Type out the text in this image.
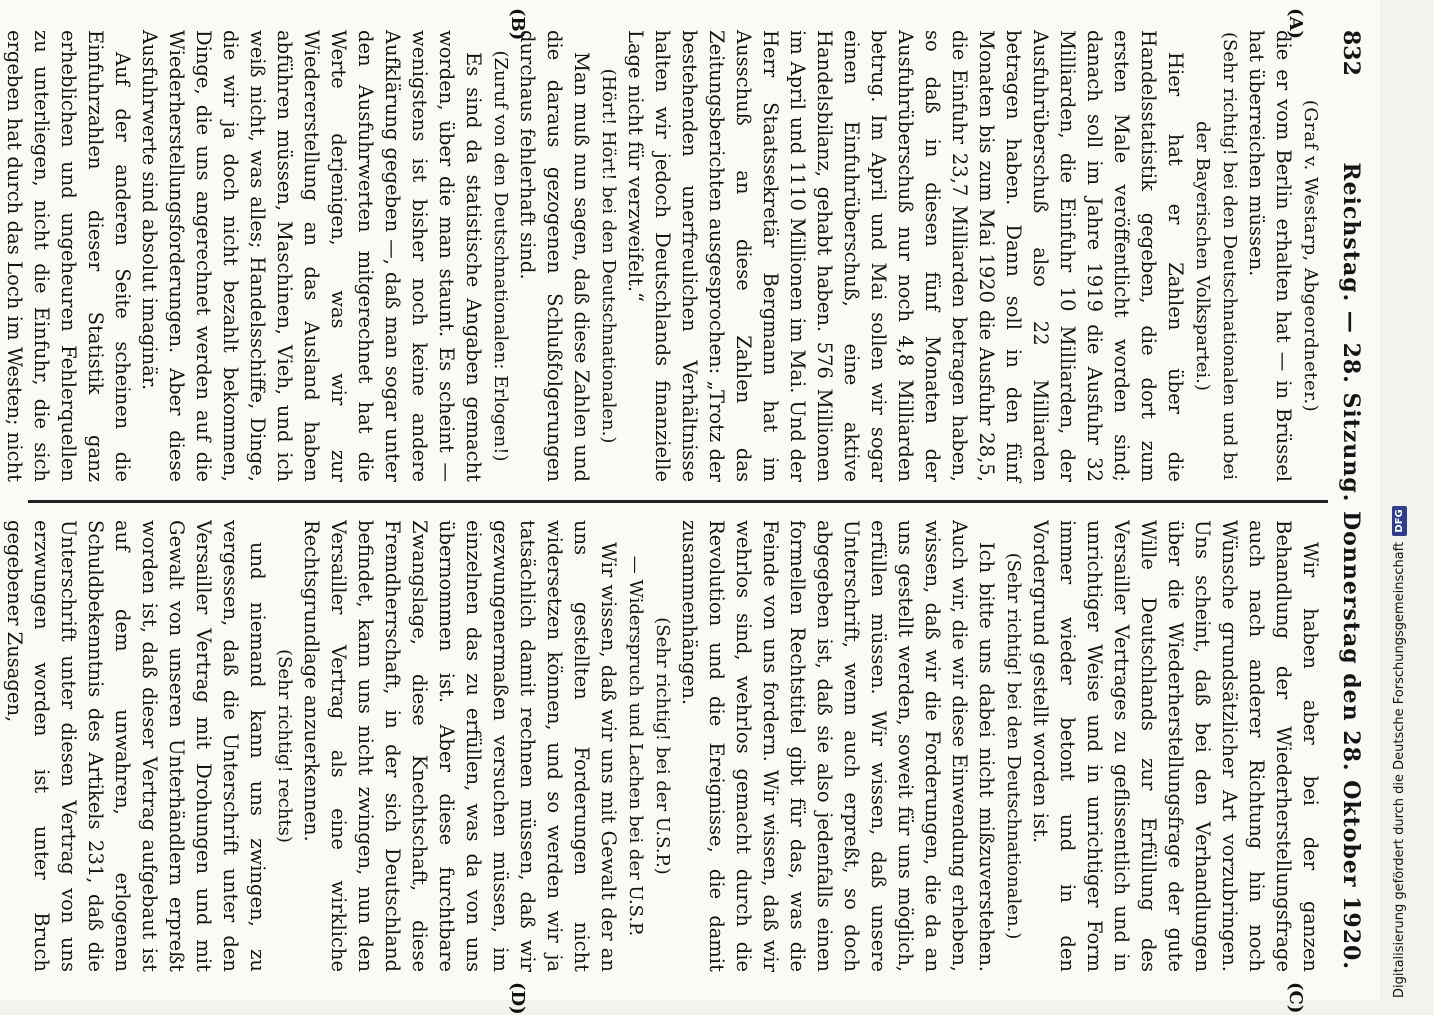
832
Reichstag. — 28. Sitzung. Donnerstag den 28. Oktober 1920.
(A)
(B)
(C)
(D)

(Graf v. Westarp, Abgeordneter.)

die er vom Berlin erhalten hat — in Brüssel hat überreichen müssen.

(Sehr richtig! bei den Deutschnationalen und bei der Bayerischen Volkspartei.)

Hier hat er Zahlen über die Handelsstatistik gegeben, die dort zum ersten Male veröffentlicht worden sind; danach soll im Jahre 1919 die Ausfuhr 32 Milliarden, die Einfuhr 10 Milliarden, der Ausfuhrüberschuß also 22 Milliarden betragen haben. Dann soll in den fünf Monaten bis zum Mai 1920 die Ausfuhr 28,5, die Einfuhr 23,7 Milliarden betragen haben, so daß in diesen fünf Monaten der Ausfuhrüberschuß nur noch 4,8 Milliarden betrug. Im April und Mai sollen wir sogar einen Einfuhrüberschuß, eine aktive Handelsbilanz, gehabt haben. 576 Millionen im April und 1110 Millionen im Mai. Und der Herr Staatssekretär Bergmann hat im Ausschuß an diese Zahlen das Zeitungsberichten ausgesprochen: „Trotz der bestehenden unerfreulichen Verhältnisse halten wir jedoch Deutschlands finanzielle Lage nicht für verzweifelt.“

(Hört! Hört! bei den Deutschnationalen.)

Man muß nun sagen, daß diese Zahlen und die daraus gezogenen Schlußfolgerungen durchaus fehlerhaft sind.

(Zuruf von den Deutschnationalen: Erlogen!)

Es sind da statistische Angaben gemacht worden, über die man staunt. Es scheint — wenigstens ist bisher noch keine andere Aufklärung gegeben —, daß man sogar unter den Ausfuhrwerten mitgerechnet hat die Werte derjenigen, was wir zur Wiedererstellung an das Ausland haben abführen müssen, Maschinen, Vieh, und ich weiß nicht, was alles; Handelsschiffe, Dinge, die wir ja doch nicht bezahlt bekommen, Dinge, die uns angerechnet werden auf die Wiederherstellungsforderungen. Aber diese Ausfuhrwerte sind absolut imaginär.

Auf der anderen Seite scheinen die Einfuhrzahlen dieser Statistik ganz erheblichen und ungeheuren Fehlerquellen zu unterliegen, nicht die Einfuhr, die sich ergeben hat durch das Loch im Westen; nicht

Wir haben aber bei der ganzen Behandlung der Wiederherstellungsfrage auch nach anderer Richtung hin noch Wünsche grundsätzlicher Art vorzubringen. Uns scheint, daß bei den Verhandlungen über die Wiederherstellungsfrage der gute Wille Deutschlands zur Erfüllung des Versailler Vertrages zu geflissentlich und in unrichtiger Weise und in unrichtiger Form immer wieder betont und in den Vordergrund gestellt worden ist.

(Sehr richtig! bei den Deutschnationalen.)

Ich bitte uns dabei nicht mißzuverstehen. Auch wir, die wir diese Einwendung erheben, wissen, daß wir die Forderungen, die da an uns gestellt werden, soweit für uns möglich, erfüllen müssen. Wir wissen, daß unsere Unterschrift, wenn auch erpreßt, so doch abgegeben ist, daß sie also jedenfalls einen formellen Rechtstitel gibt für das, was die Feinde von uns fordern. Wir wissen, daß wir wehrlos sind, wehrlos gemacht durch die Revolution und die Ereignisse, die damit zusammenhängen.

(Sehr richtig! bei der U.S.P.)

— Widerspruch und Lachen bei der U.S.P.

Wir wissen, daß wir uns mit Gewalt der an uns gestellten Forderungen nicht widersetzen können, und so werden wir ja tatsächlich damit rechnen müssen, daß wir gezwungenermaßen versuchen müssen, im einzelnen das zu erfüllen, was da von uns übernommen ist. Aber diese furchtbare Zwangslage, diese Knechtschaft, diese Fremdherrschaft, in der sich Deutschland befindet, kann uns nicht zwingen, nun den Versailler Vertrag als eine wirkliche Rechtsgrundlage anzuerkennen.

(Sehr richtig! rechts)

und niemand kann uns zwingen, zu vergessen, daß die Unterschrift unter den Versailler Vertrag mit Drohungen und mit Gewalt von unseren Unterhändlern erpreßt worden ist, daß dieser Vertrag aufgebaut ist auf dem unwahren, erlogenen Schuldbekenntnis des Artikels 231, daß die Unterschrift unter diesen Vertrag von uns erzwungen worden ist unter Bruch gegebener Zusagen,	Digitalisierung gefördert durch die Deutsche Forschungsgemeinschaft
DFG
